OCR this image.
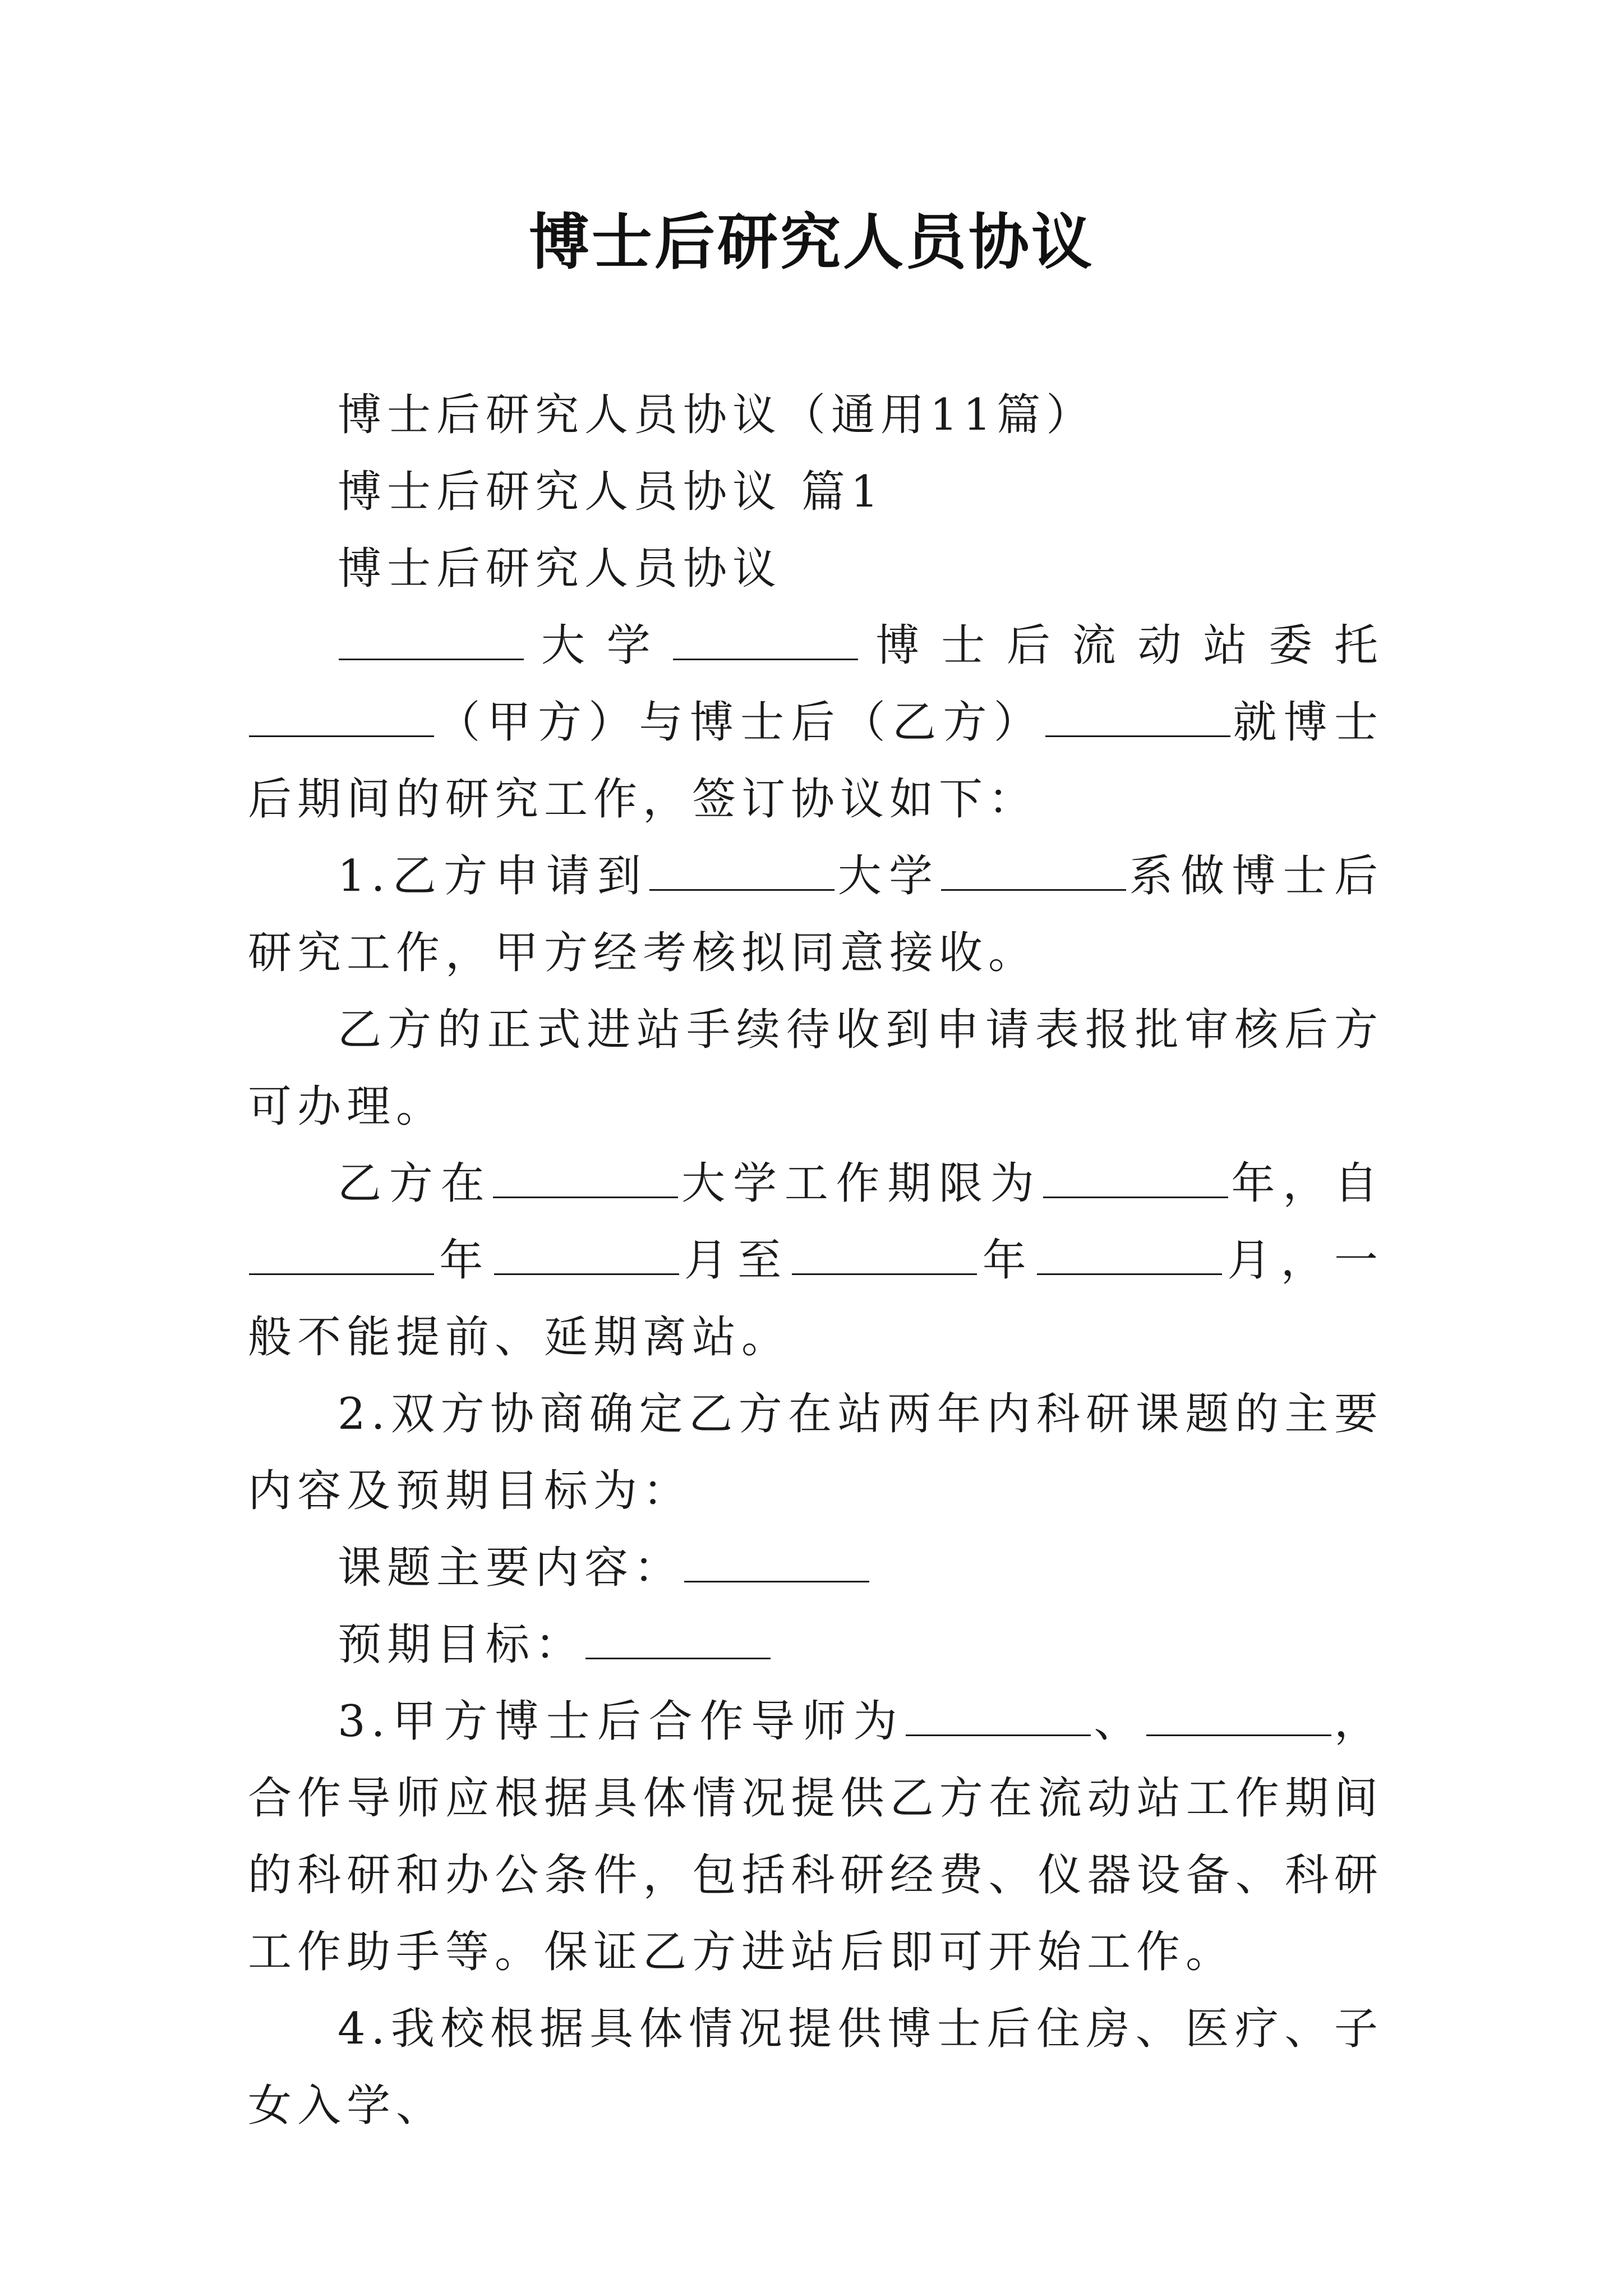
博士后研究人员协议

博士后研究人员协议（通用11篇）

博士后研究人员协议 篇1

博士后研究人员协议

大学	博士后流动站委托（甲方）与博士后（乙方）	就博士后期间的研究工作，签订协议如下：

1.乙方申请到	大学	系做博士后研究工作，甲方经考核拟同意接收。

乙方的正式进站手续待收到申请表报批审核后方可办理。

乙方在	大学工作期限为	年，自年	月至	年	月，一般不能提前、延期离站。

2.双方协商确定乙方在站两年内科研课题的主要内容及预期目标为：

课题主要内容：

预期目标：

3.甲方博士后合作导师为	、	，合作导师应根据具体情况提供乙方在流动站工作期间的科研和办公条件，包括科研经费、仪器设备、科研工作助手等。保证乙方进站后即可开始工作。

4.我校根据具体情况提供博士后住房、医疗、子女入学、
